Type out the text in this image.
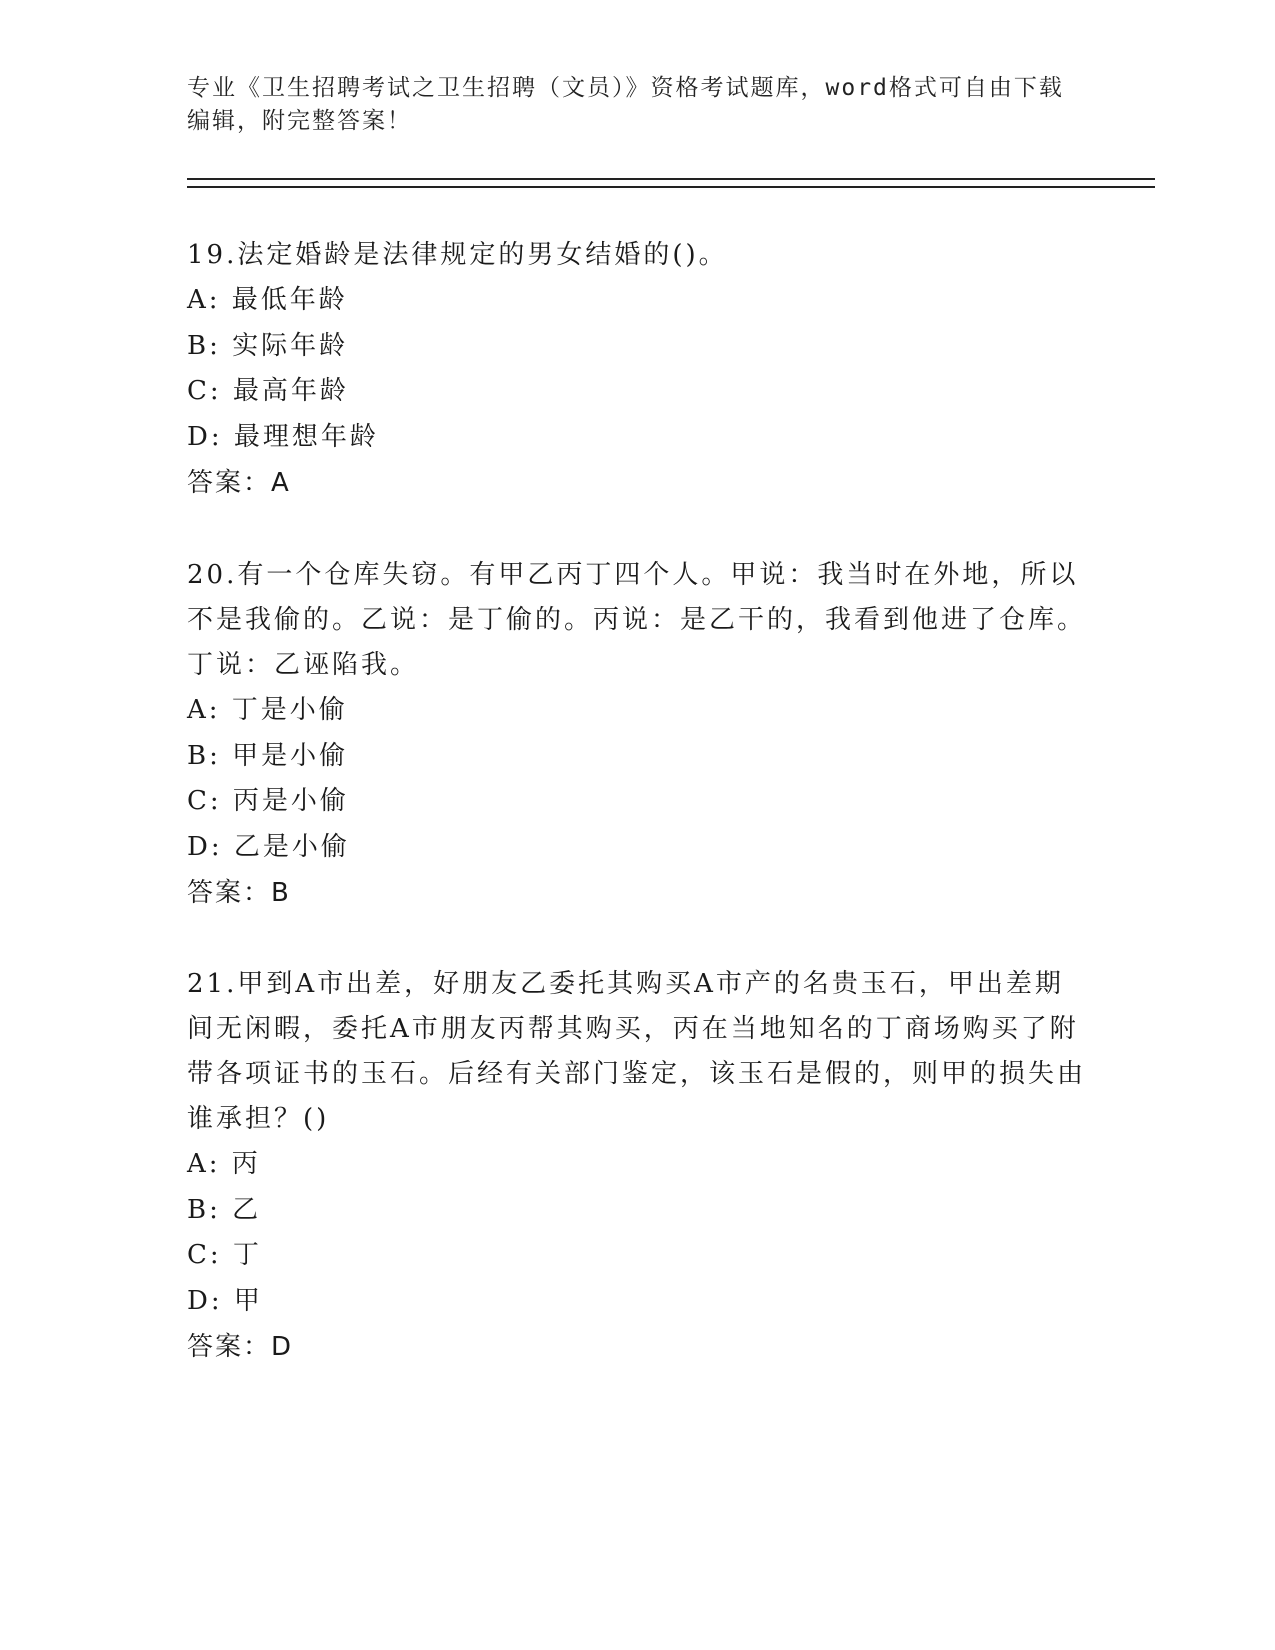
专业《卫生招聘考试之卫生招聘（文员）》资格考试题库，word格式可自由下载编辑，附完整答案！
19.法定婚龄是法律规定的男女结婚的()。
A: 最低年龄
B: 实际年龄
C: 最高年龄
D: 最理想年龄
答案：A
20.有一个仓库失窃。有甲乙丙丁四个人。甲说：我当时在外地，所以不是我偷的。乙说：是丁偷的。丙说：是乙干的，我看到他进了仓库。丁说：乙诬陷我。
A: 丁是小偷
B: 甲是小偷
C: 丙是小偷
D: 乙是小偷
答案：B
21.甲到A市出差，好朋友乙委托其购买A市产的名贵玉石，甲出差期间无闲暇，委托A市朋友丙帮其购买，丙在当地知名的丁商场购买了附带各项证书的玉石。后经有关部门鉴定，该玉石是假的，则甲的损失由谁承担？()
A: 丙
B: 乙
C: 丁
D: 甲
答案：D
